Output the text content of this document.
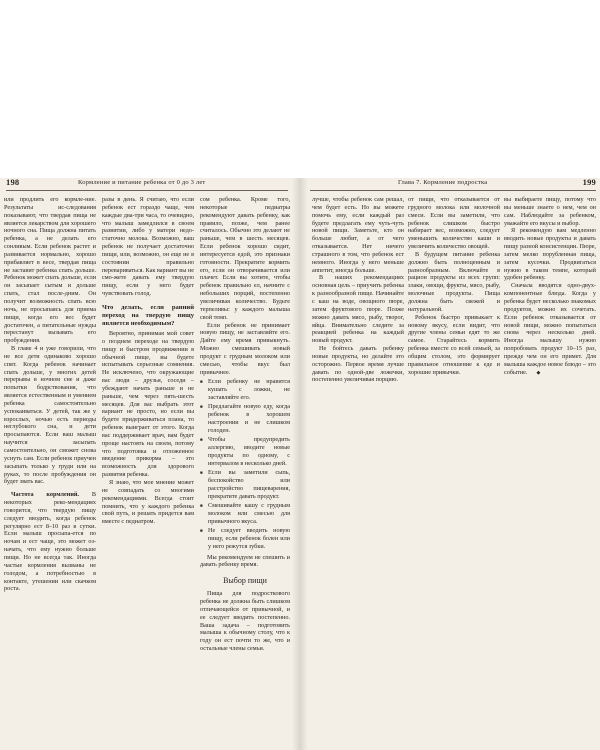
198	Кормление и питание ребенка от 0 до 3 лет

или продлить его кормле-ние. Результаты ис-следования показывают, что твердая пища не является лекарством для хорошего ночного сна. Пища должна питать ребенка, а не делать его сонливым. Если ребенок растет и развивается нормально, хорошо прибавляет в весе, твердая пища не заставит ребенка спать дольше. Ребенок может спать дольше, если он засыпает сытым и дольше спать, стал после-дним. Он получит возможность спать всю ночь, не просыпаясь для приема пищи, когда его вес будет достаточен, а питательные нужды перестанут вызывать его пробуждения.

В главе 4 и уже говорили, что не все дети одинаково хорошо спят. Когда ребенок начинает спать дольше, у многих детей перерывы в ночном сне и даже попытки бодрствования, что является естественным и умением ребенка самостоятельно успокаиваться. У детей, так же у взрослых, ночью есть периоды неглубокого сна, и дети просыпаются. Если ваш малыш научится засыпать самостоятельно, он сможет снова уснуть сам. Если ребенок приучен засыпать только у груди или на руках, то после пробуждения он будет звать вас.

Частота кормлений. В некоторых реко-мендациях говорится, что твердую пищу следует вводить, когда ребенок регулярно ест 8–10 раз в сутки. Если малыш просыпа-ется по ночам и ест чаще, это может оз-начать, что ему нужно больше пищи. Но не всегда так. Иногда частые кормления вызваны не голодом, а потребностью в контакте, утешении или скачком роста.

разы в день. Я считаю, что если ребенок ест гораздо чаще, чем каждые два-три часа, то очевидно, что малыш замедлился в своем развитии, либо у матери недо-статочно молока. Возможно, ваш ребенок не получает достаточно пищи, или, возможно, он еще не в состоянии правильно перевариваться. Как вариант вы не смо-жете давать ему твердую пищу, если у него будет чувствовать голод.

Что делать, если ранний переход на твердую пищу является необходимым?

Вероятно, принимая мой совет о позднем переходе на твердую пищу и быстром продвижении в обычной пище, вы будете испытывать серьезные сомнения. Не исключено, что окружающие вас люди – друзья, соседи – убеждают начать раньше и не раньше, чем через пять-шесть месяцев. Для вас выбрать этот вариант не просто, но если вы будете придерживаться плана, то ребенок выиграет от этого. Когда вас поддерживает врач, вам будет проще настоять на своем, потому что подготовка и отложенное введение прикорма – это возможность для здорового развития ребенка.

Я знаю, что мое мнение может не совпадать со многими рекомендациями. Всегда стоит помнить, что у каждого ребенка свой путь, и решать придется вам вместе с педиатром.

сом ребенка. Кроме того, некоторые педиатры рекомендуют давать ребенку, как правило, позже, чем ранее считалось. Обычно это делают не раньше, чем в шесть месяцев. Если ребенок хорошо сидит, интересуется едой, это признаки готовности. Прекратите кормить его, если он отворачивается или плачет. Если вы хотите, чтобы ребенок правильно ел, начните с небольших порций, постепенно увеличивая количество. Будьте терпеливы: у каждого малыша свой темп.

Если ребенок не принимает новую пищу, не заставляйте его. Дайте ему время привыкнуть. Можно смешивать новый продукт с грудным молоком или смесью, чтобы вкус был привычнее.

■ Если ребенку не нравится кушать с ложки, не заставляйте его.
■ Предлагайте новую еду, когда ребенок в хорошем настроении и не слишком голоден.
■ Чтобы предупредить аллергию, вводите новые продукты по одному, с интервалом в несколько дней.
■ Если вы заметили сыпь, беспокойство или расстройство пищеварения, прекратите давать продукт.
■ Смешивайте кашу с грудным молоком или смесью для привычного вкуса.
■ Не следует вводить новую пищу, если ребенок болен или у него режутся зубки.

Мы рекомендуем не спешить и давать ребенку время.

Выбор пищи

Пища для подросткового ребенка не должна быть слишком отличающейся от привычной, и ее следует вводить постепенно. Ваша задача – подготовить малыша к обычному столу, что к году он ест почти то же, что и остальные члены семьи.

Глава 7. Кормление подростка	199

лучше, чтобы ребенок сам решал, чем будет есть. Но вы можете помочь ему, если каждый раз будете предлагать ему чуть-чуть новой пищи. Заметьте, кто он больше любит, а от чего отказывается. Нет ничего страшного в том, что ребенок ест немного. Иногда у него меньше аппетит, иногда больше.

В наших рекомендациях основная цель – приучить ребенка к разнообразной пище. Начинайте с каш на воде, овощного пюре, затем фруктового пюре. Позже можно давать мясо, рыбу, творог, яйца. Внимательно следите за реакцией ребенка на каждый новый продукт.

Не бойтесь давать ребенку новые продукты, но делайте это осторожно. Первое время лучше давать по одной-две ложечки, постепенно увеличивая порцию.

от пищи, что отказывается от грудного молока или молочной смеси. Если вы заметили, что ребенок слишком быстро набирает вес, возможно, следует уменьшить количество каши и увеличить количество овощей.

В будущем питание ребенка должно быть полноценным и разнообразным. Включайте в рацион продукты из всех групп: злаки, овощи, фрукты, мясо, рыбу, молочные продукты. Пища должна быть свежей и натуральной.

Ребенок быстро привыкает к новому вкусу, если видит, что другие члены семьи едят то же самое. Старайтесь кормить ребенка вместе со всей семьей, за общим столом, это формирует правильное отношение к еде и хорошие привычки.

вы выбираете пищу, потому что вы меньше знаете о нем, чем он сам. Наблюдайте за ребенком, уважайте его вкусы и выбор.

Я рекомендую вам медленно вводить новые продукты и давать пищу разной консистенции. Пюре, затем мелко порубленная пища, затем кусочки. Продвигаться нужно в таком темпе, который удобен ребенку.

Сначала вводятся одно-двух-компонентные блюда. Когда у ребенка будет несколько знакомых продуктов, можно их сочетать. Если ребенок отказывается от новой пищи, можно попытаться снова через несколько дней. Иногда малышу нужно попробовать продукт 10–15 раз, прежде чем он его примет. Для малыша каждое новое блюдо – это событие. ◆
